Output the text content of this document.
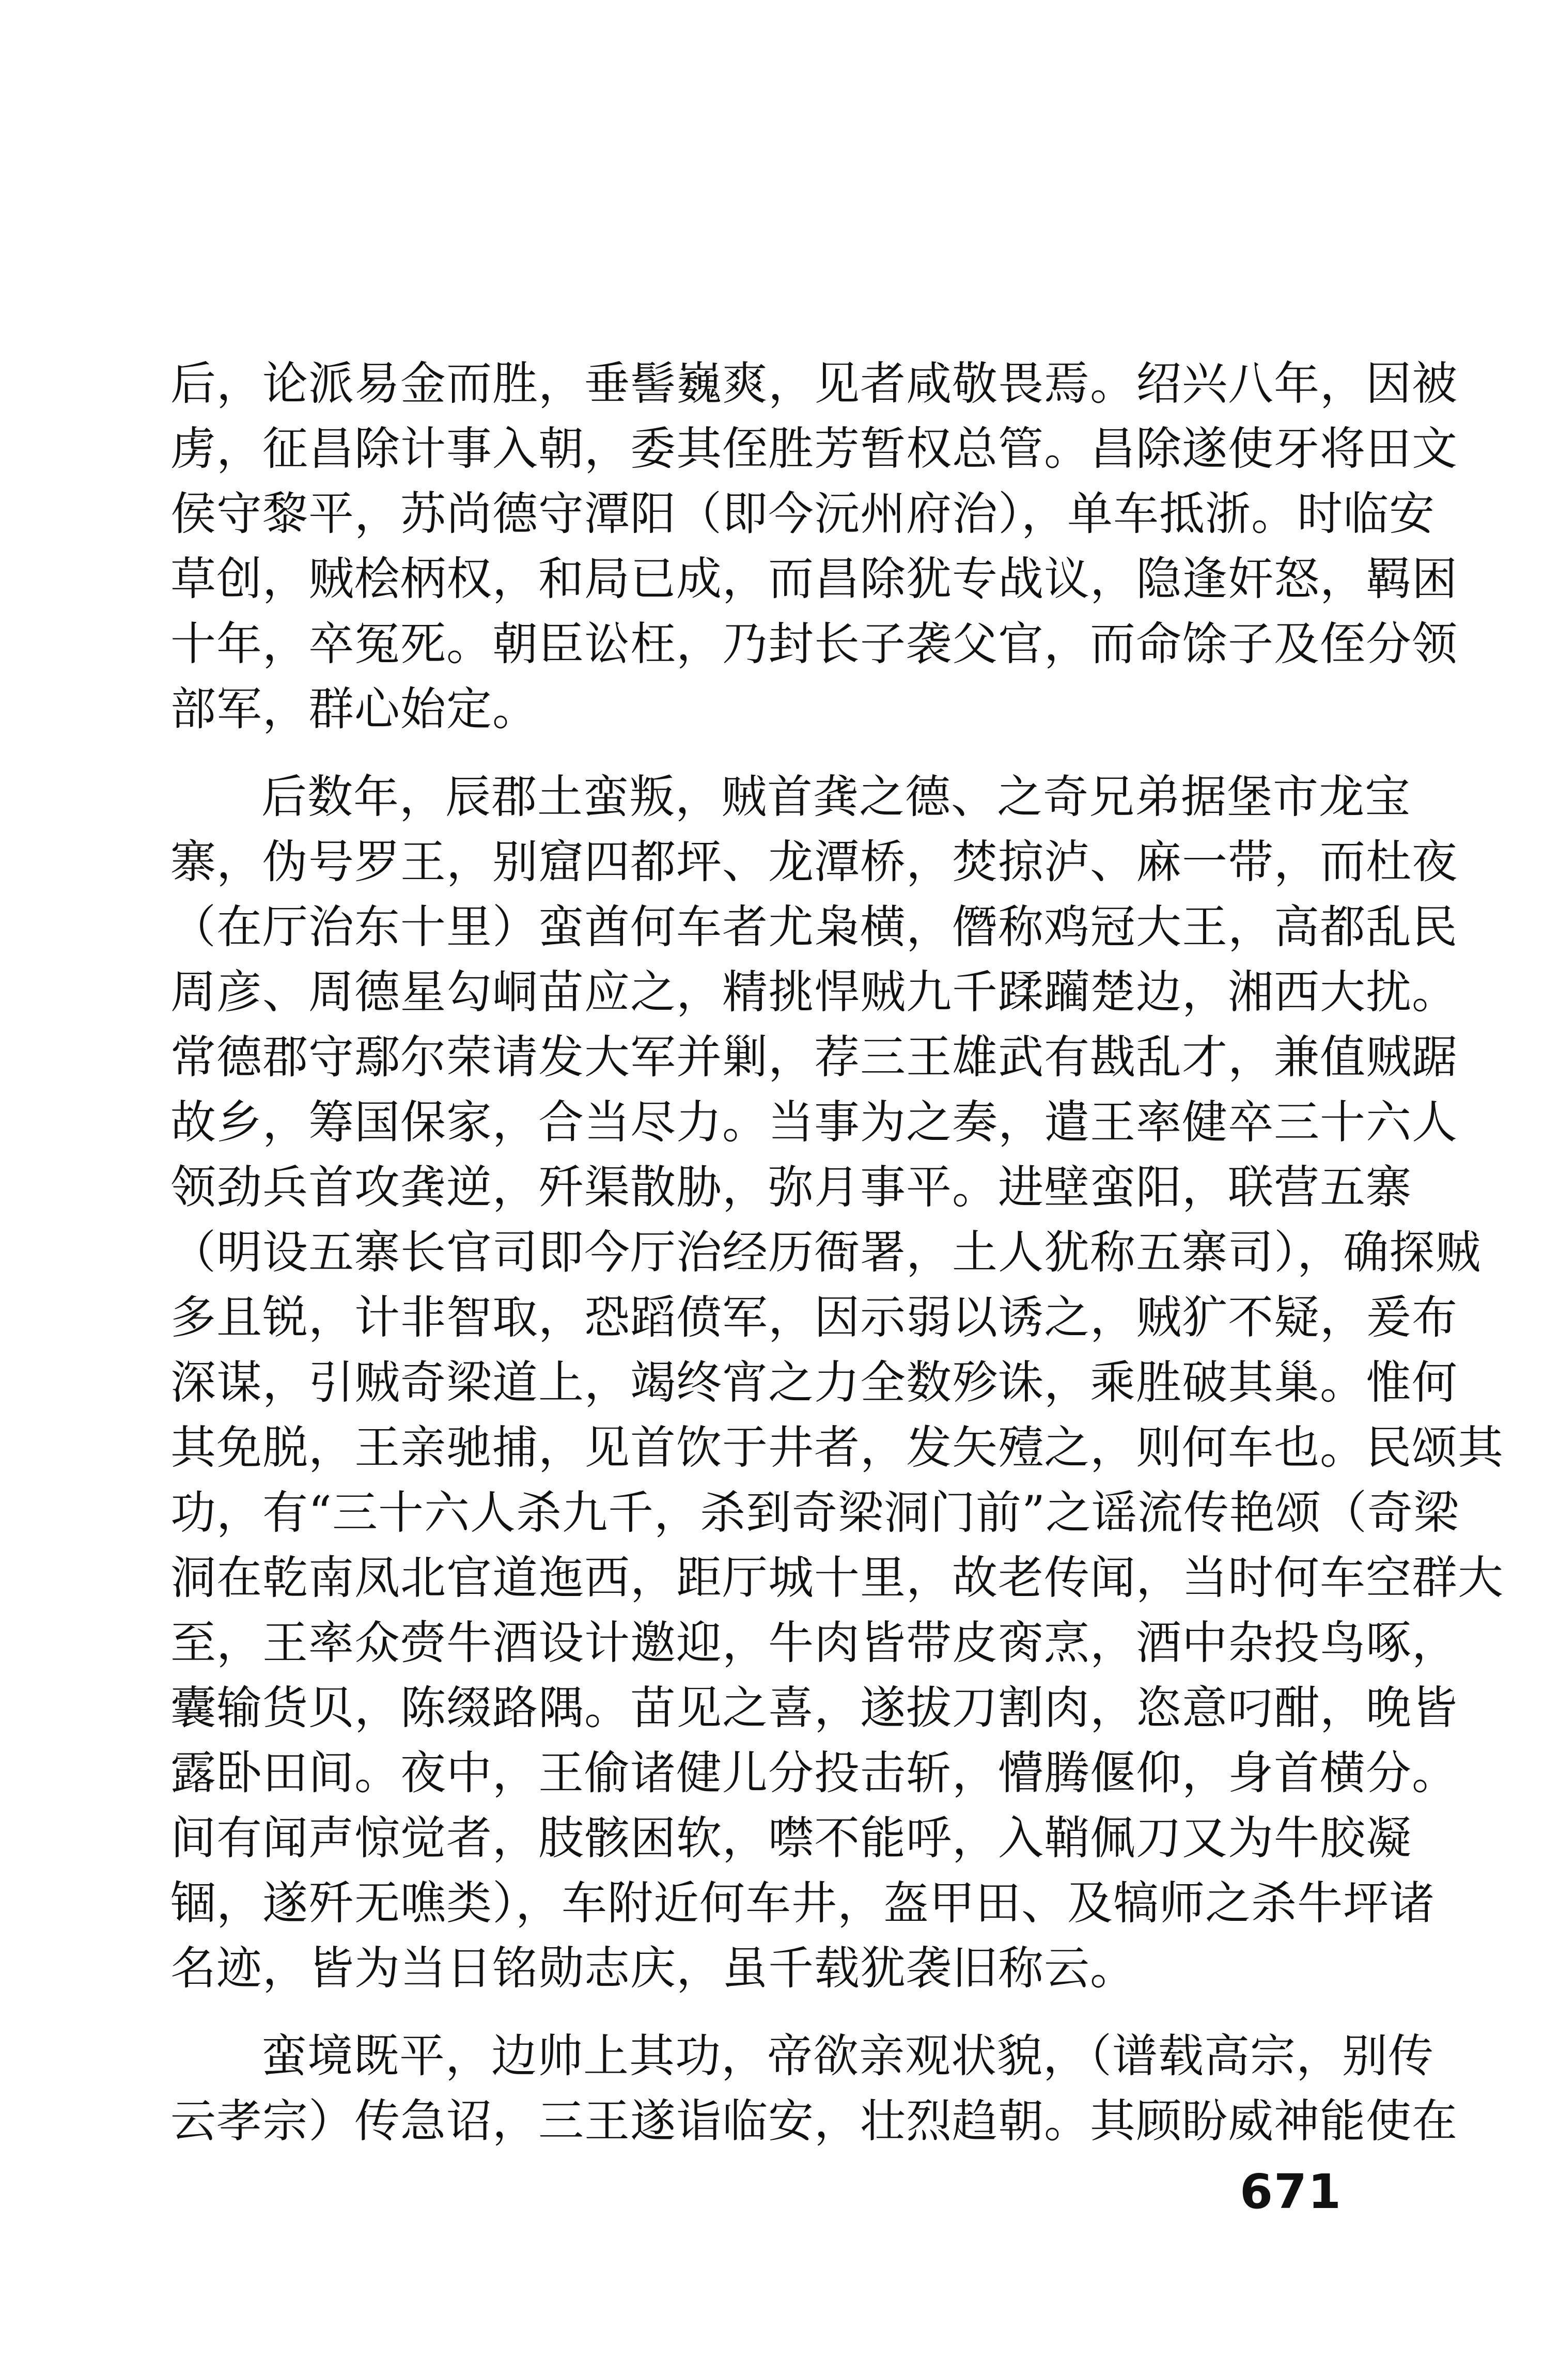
后，论派易金而胜，垂髻巍爽，见者咸敬畏焉。绍兴八年，因被
虏，征昌除计事入朝，委其侄胜芳暂权总管。昌除遂使牙将田文
侯守黎平，苏尚德守潭阳（即今沅州府治），单车抵浙。时临安
草创，贼桧柄权，和局已成，而昌除犹专战议，隐逢奸怒，羁困
十年，卒冤死。朝臣讼枉，乃封长子袭父官，而命馀子及侄分领
部军，群心始定。
后数年，辰郡土蛮叛，贼首龚之德、之奇兄弟据堡市龙宝
寨，伪号罗王，别窟四都坪、龙潭桥，焚掠泸、麻一带，而杜夜
（在厅治东十里）蛮酋何车者尤枭横，僭称鸡冠大王，高都乱民
周彦、周德星勾峒苗应之，精挑悍贼九千蹂躏楚边，湘西大扰。
常德郡守鄢尔荣请发大军并剿，荐三王雄武有戡乱才，兼值贼踞
故乡，筹国保家，合当尽力。当事为之奏，遣王率健卒三十六人
领劲兵首攻龚逆，歼渠散胁，弥月事平。进壁蛮阳，联营五寨
（明设五寨长官司即今厅治经历衙署，土人犹称五寨司），确探贼
多且锐，计非智取，恐蹈偾军，因示弱以诱之，贼犷不疑，爰布
深谋，引贼奇梁道上，竭终宵之力全数殄诛，乘胜破其巢。惟何
其免脱，王亲驰捕，见首饮于井者，发矢殪之，则何车也。民颂其
功，有“三十六人杀九千，杀到奇梁洞门前”之谣流传艳颂（奇梁
洞在乾南凤北官道迤西，距厅城十里，故老传闻，当时何车空群大
至，王率众赍牛酒设计邀迎，牛肉皆带皮脔烹，酒中杂投鸟啄，
囊输货贝，陈缀路隅。苗见之喜，遂拔刀割肉，恣意叼酣，晚皆
露卧田间。夜中，王偷诸健儿分投击斩，懵腾偃仰，身首横分。
间有闻声惊觉者，肢骸困软，噤不能呼，入鞘佩刀又为牛胶凝
锢，遂歼无噍类），车附近何车井，盔甲田、及犒师之杀牛坪诸
名迹，皆为当日铭勋志庆，虽千载犹袭旧称云。
蛮境既平，边帅上其功，帝欲亲观状貌，（谱载高宗，别传
云孝宗）传急诏，三王遂诣临安，壮烈趋朝。其顾盼威神能使在
671
